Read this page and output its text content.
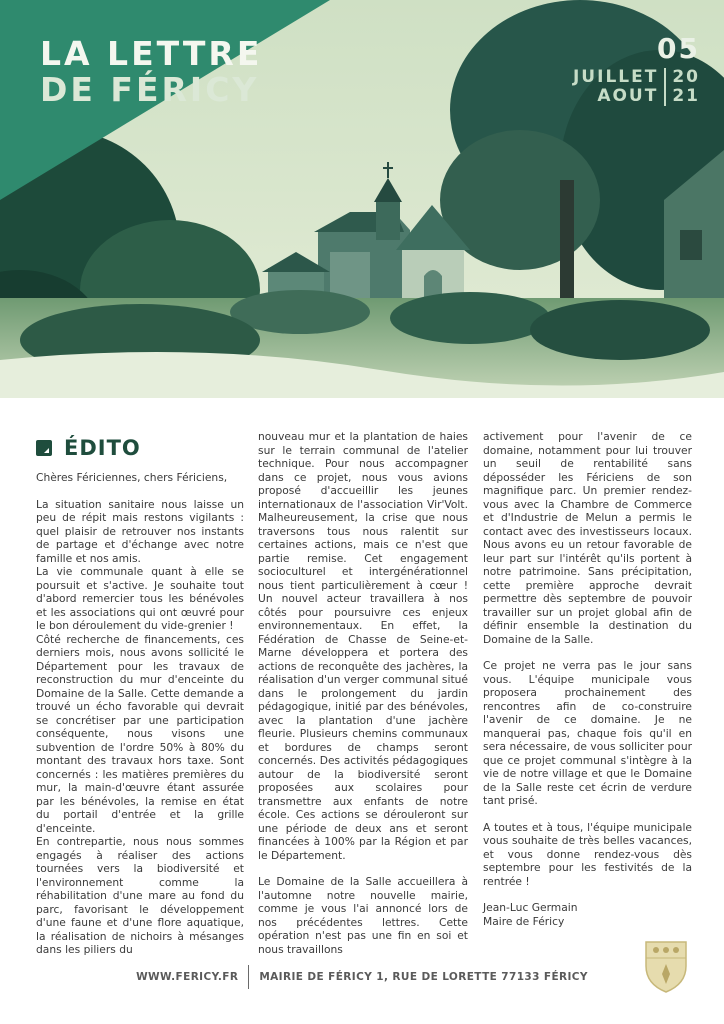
LA LETTRE
DE FÉRICY
05
JUILLET
AOUT
20
21
ÉDITO

Chères Fériciennes, chers Fériciens,

La situation sanitaire nous laisse un peu de répit mais restons vigilants : quel plaisir de retrouver nos instants de partage et d'échange avec notre famille et nos amis.

La vie communale quant à elle se poursuit et s'active. Je souhaite tout d'abord remercier tous les bénévoles et les associations qui ont œuvré pour le bon déroulement du vide-grenier !

Côté recherche de financements, ces derniers mois, nous avons sollicité le Département pour les travaux de reconstruction du mur d'enceinte du Domaine de la Salle. Cette demande a trouvé un écho favorable qui devrait se concrétiser par une participation conséquente, nous visons une subvention de l'ordre 50% à 80% du montant des travaux hors taxe. Sont concernés : les matières premières du mur, la main-d'œuvre étant assurée par les bénévoles, la remise en état du portail d'entrée et la grille d'enceinte.

En contrepartie, nous nous sommes engagés à réaliser des actions tournées vers la biodiversité et l'environnement comme la réhabilitation d'une mare au fond du parc, favorisant le développement d'une faune et d'une flore aquatique, la réalisation de nichoirs à mésanges dans les piliers du

nouveau mur et la plantation de haies sur le terrain communal de l'atelier technique. Pour nous accompagner dans ce projet, nous vous avions proposé d'accueillir les jeunes internationaux de l'association Vir'Volt. Malheureusement, la crise que nous traversons tous nous ralentit sur certaines actions, mais ce n'est que partie remise. Cet engagement socioculturel et intergénérationnel nous tient particulièrement à cœur ! Un nouvel acteur travaillera à nos côtés pour poursuivre ces enjeux environnementaux. En effet, la Fédération de Chasse de Seine-et-Marne développera et portera des actions de reconquête des jachères, la réalisation d'un verger communal situé dans le prolongement du jardin pédagogique, initié par des bénévoles, avec la plantation d'une jachère fleurie. Plusieurs chemins communaux et bordures de champs seront concernés. Des activités pédagogiques autour de la biodiversité seront proposées aux scolaires pour transmettre aux enfants de notre école. Ces actions se dérouleront sur une période de deux ans et seront financées à 100% par la Région et par le Département.

Le Domaine de la Salle accueillera à l'automne notre nouvelle mairie, comme je vous l'ai annoncé lors de nos précédentes lettres. Cette opération n'est pas une fin en soi et nous travaillons

activement pour l'avenir de ce domaine, notamment pour lui trouver un seuil de rentabilité sans déposséder les Fériciens de son magnifique parc. Un premier rendez-vous avec la Chambre de Commerce et d'Industrie de Melun a permis le contact avec des investisseurs locaux. Nous avons eu un retour favorable de leur part sur l'intérêt qu'ils portent à notre patrimoine. Sans précipitation, cette première approche devrait permettre dès septembre de pouvoir travailler sur un projet global afin de définir ensemble la destination du Domaine de la Salle.

Ce projet ne verra pas le jour sans vous. L'équipe municipale vous proposera prochainement des rencontres afin de co-construire l'avenir de ce domaine. Je ne manquerai pas, chaque fois qu'il en sera nécessaire, de vous solliciter pour que ce projet communal s'intègre à la vie de notre village et que le Domaine de la Salle reste cet écrin de verdure tant prisé.

A toutes et à tous, l'équipe municipale vous souhaite de très belles vacances, et vous donne rendez-vous dès septembre pour les festivités de la rentrée !

Jean-Luc Germain

Maire de Féricy

WWW.FERICY.FR MAIRIE DE FÉRICY 1, RUE DE LORETTE 77133 FÉRICY
